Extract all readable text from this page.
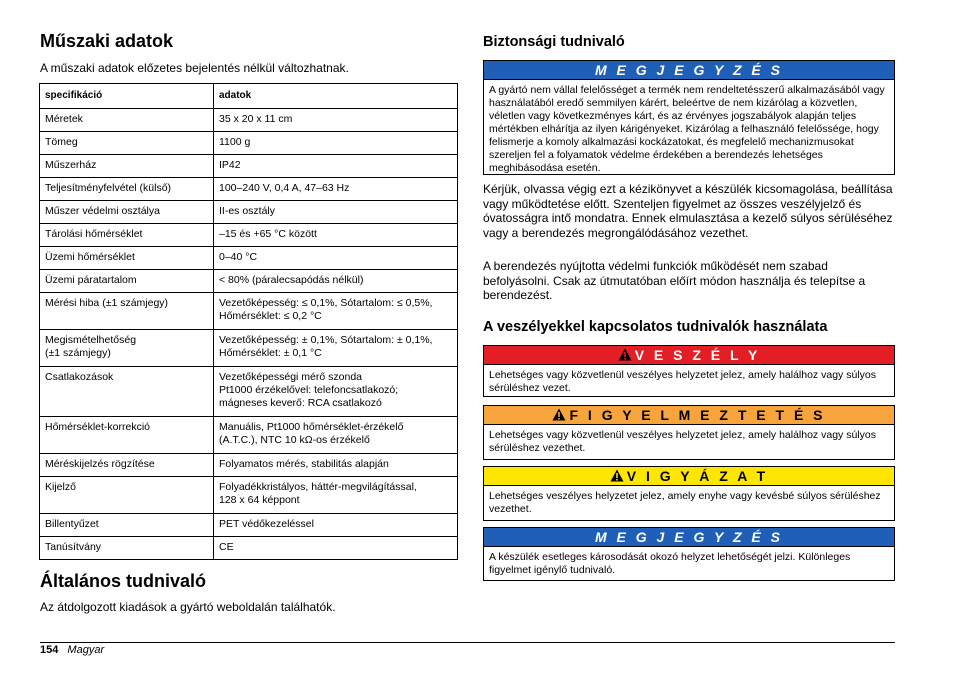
Műszaki adatok

A műszaki adatok előzetes bejelentés nélkül változhatnak.

specifikáció	adatok
Méretek	35 x 20 x 11 cm
Tömeg	1100 g
Műszerház	IP42
Teljesítményfelvétel (külső)	100–240 V, 0,4 A, 47–63 Hz
Műszer védelmi osztálya	II-es osztály
Tárolási hőmérséklet	–15 és +65 °C között
Üzemi hőmérséklet	0–40 °C
Üzemi páratartalom	< 80% (páralecsapódás nélkül)
Mérési hiba (±1 számjegy)	Vezetőképesség: ≤ 0,1%, Sótartalom: ≤ 0,5%, Hőmérséklet: ≤ 0,2 °C
Megismételhetőség
(±1 számjegy)	Vezetőképesség: ± 0,1%, Sótartalom: ± 0,1%, Hőmérséklet: ± 0,1 °C
Csatlakozások	Vezetőképességi mérő szonda
Pt1000 érzékelővel: telefoncsatlakozó;
mágneses keverő: RCA csatlakozó
Hőmérséklet-korrekció	Manuális, Pt1000 hőmérséklet-érzékelő
(A.T.C.), NTC 10 kΩ-os érzékelő
Méréskijelzés rögzítése	Folyamatos mérés, stabilitás alapján
Kijelző	Folyadékkristályos, háttér-megvilágítással,
128 x 64 képpont
Billentyűzet	PET védőkezeléssel
Tanúsítvány	CE
Általános tudnivaló

Az átdolgozott kiadások a gyártó weboldalán találhatók.

Biztonsági tudnivaló
M E G J E G Y Z É S
A gyártó nem vállal felelősséget a termék nem rendeltetésszerű alkalmazásából vagy használatából eredő semmilyen kárért, beleértve de nem kizárólag a közvetlen, véletlen vagy következményes kárt, és az érvényes jogszabályok alapján teljes mértékben elhárítja az ilyen kárigényeket. Kizárólag a felhasználó felelőssége, hogy felismerje a komoly alkalmazási kockázatokat, és megfelelő mechanizmusokat szereljen fel a folyamatok védelme érdekében a berendezés lehetséges meghibásodása esetén.

Kérjük, olvassa végig ezt a kézikönyvet a készülék kicsomagolása, beállítása vagy működtetése előtt. Szenteljen figyelmet az összes veszélyjelző és óvatosságra intő mondatra. Ennek elmulasztása a kezelő súlyos sérüléséhez vagy a berendezés megrongálódásához vezethet.

A berendezés nyújtotta védelmi funkciók működését nem szabad befolyásolni. Csak az útmutatóban előírt módon használja és telepítse a berendezést.

A veszélyekkel kapcsolatos tudnivalók használata
V E S Z É L Y
Lehetséges vagy közvetlenül veszélyes helyzetet jelez, amely halálhoz vagy súlyos sérüléshez vezet.
F I G Y E L M E Z T E T É S
Lehetséges vagy közvetlenül veszélyes helyzetet jelez, amely halálhoz vagy súlyos sérüléshez vezethet.
V I G Y Á Z A T
Lehetséges veszélyes helyzetet jelez, amely enyhe vagy kevésbé súlyos sérüléshez vezethet.
M E G J E G Y Z É S
A készülék esetleges károsodását okozó helyzet lehetőségét jelzi. Különleges figyelmet igénylő tudnivaló.
154 Magyar
